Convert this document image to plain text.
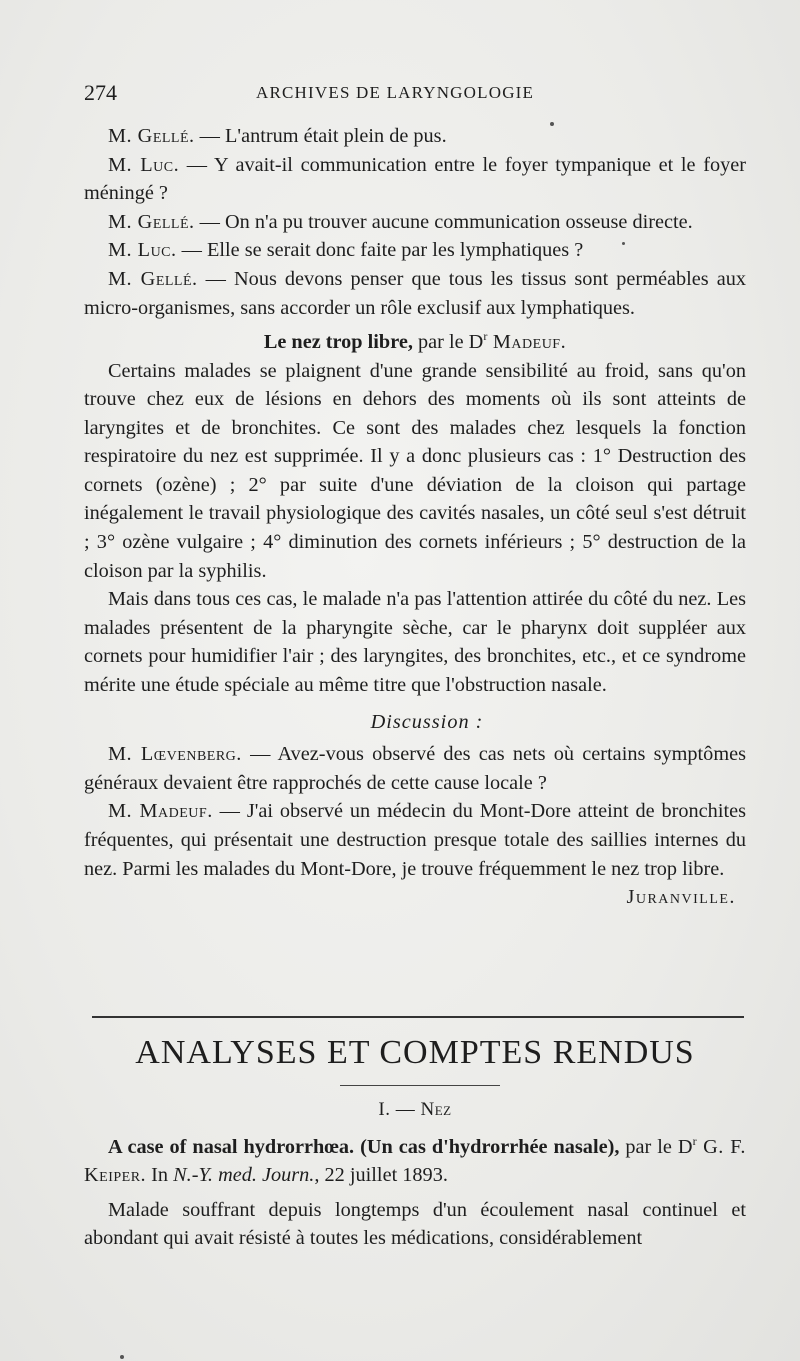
274	ARCHIVES DE LARYNGOLOGIE

M. Gellé. — L'antrum était plein de pus.

M. Luc. — Y avait-il communication entre le foyer tympanique et le foyer méningé ?

M. Gellé. — On n'a pu trouver aucune communication osseuse directe.

M. Luc. — Elle se serait donc faite par les lymphatiques ?

M. Gellé. — Nous devons penser que tous les tissus sont perméables aux micro-organismes, sans accorder un rôle exclusif aux lymphatiques.

Le nez trop libre, par le $D^r$ Madeuf.

Certains malades se plaignent d'une grande sensibilité au froid, sans qu'on trouve chez eux de lésions en dehors des moments où ils sont atteints de laryngites et de bronchites. Ce sont des malades chez lesquels la fonction respiratoire du nez est supprimée. Il y a donc plusieurs cas : 1° Destruction des cornets (ozène) ; 2° par suite d'une déviation de la cloison qui partage inégalement le travail physiologique des cavités nasales, un côté seul s'est détruit ; 3° ozène vulgaire ; 4° diminution des cornets inférieurs ; 5° destruction de la cloison par la syphilis.

Mais dans tous ces cas, le malade n'a pas l'attention attirée du côté du nez. Les malades présentent de la pharyngite sèche, car le pharynx doit suppléer aux cornets pour humidifier l'air ; des laryngites, des bronchites, etc., et ce syndrome mérite une étude spéciale au même titre que l'obstruction nasale.

Discussion :

M. Lœvenberg. — Avez-vous observé des cas nets où certains symptômes généraux devaient être rapprochés de cette cause locale ?

M. Madeuf. — J'ai observé un médecin du Mont-Dore atteint de bronchites fréquentes, qui présentait une destruction presque totale des saillies internes du nez. Parmi les malades du Mont-Dore, je trouve fréquemment le nez trop libre.
Juranville.

ANALYSES ET COMPTES RENDUS

I. — Nez

A case of nasal hydrorrhœa. (Un cas d'hydrorrhée nasale), par le $D^r$ G. F. Keiper. In N.-Y. med. Journ., 22 juillet 1893.

Malade souffrant depuis longtemps d'un écoulement nasal continuel et abondant qui avait résisté à toutes les médications, considérablement
